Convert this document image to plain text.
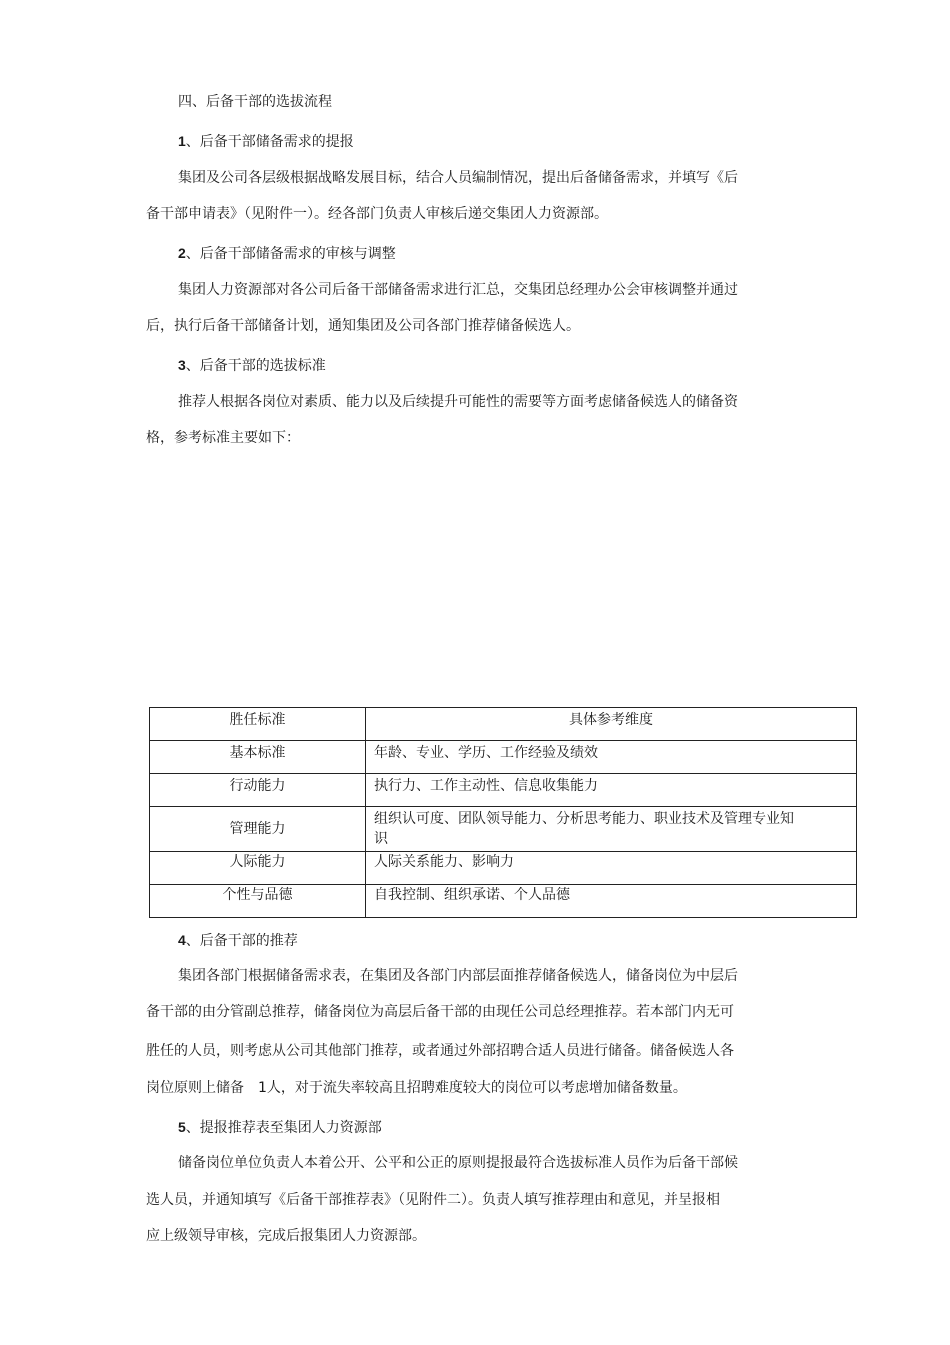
四、后备干部的选拔流程
1、后备干部储备需求的提报
集团及公司各层级根据战略发展目标，结合人员编制情况，提出后备储备需求，并填写《后
备干部申请表》（见附件一）。经各部门负责人审核后递交集团人力资源部。
2、后备干部储备需求的审核与调整
集团人力资源部对各公司后备干部储备需求进行汇总，交集团总经理办公会审核调整并通过
后，执行后备干部储备计划，通知集团及公司各部门推荐储备候选人。
3、后备干部的选拔标准
推荐人根据各岗位对素质、能力以及后续提升可能性的需要等方面考虑储备候选人的储备资
格，参考标准主要如下：
胜任标准	具体参考维度
基本标准	年龄、专业、学历、工作经验及绩效
行动能力	执行力、工作主动性、信息收集能力
管理能力	组织认可度、团队领导能力、分析思考能力、职业技术及管理专业知识
人际能力	人际关系能力、影响力
个性与品德	自我控制、组织承诺、个人品德
4、后备干部的推荐
集团各部门根据储备需求表，在集团及各部门内部层面推荐储备候选人，储备岗位为中层后
备干部的由分管副总推荐，储备岗位为高层后备干部的由现任公司总经理推荐。若本部门内无可
胜任的人员，则考虑从公司其他部门推荐，或者通过外部招聘合适人员进行储备。储备候选人各
岗位原则上储备　1人，对于流失率较高且招聘难度较大的岗位可以考虑增加储备数量。
5、提报推荐表至集团人力资源部
储备岗位单位负责人本着公开、公平和公正的原则提报最符合选拔标准人员作为后备干部候
选人员，并通知填写《后备干部推荐表》（见附件二）。负责人填写推荐理由和意见，并呈报相
应上级领导审核，完成后报集团人力资源部。
